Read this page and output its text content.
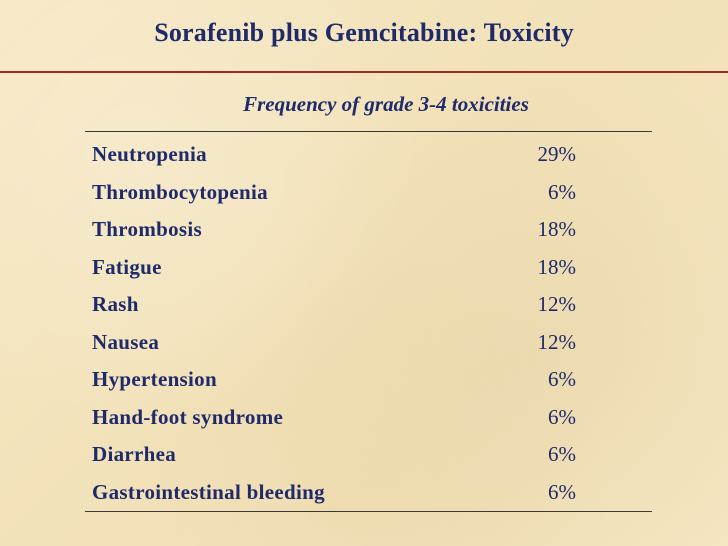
Sorafenib plus Gemcitabine: Toxicity
Frequency of grade 3-4 toxicities
Neutropenia	29%
Thrombocytopenia	6%
Thrombosis	18%
Fatigue	18%
Rash	12%
Nausea	12%
Hypertension	6%
Hand-foot syndrome	6%
Diarrhea	6%
Gastrointestinal bleeding	6%
